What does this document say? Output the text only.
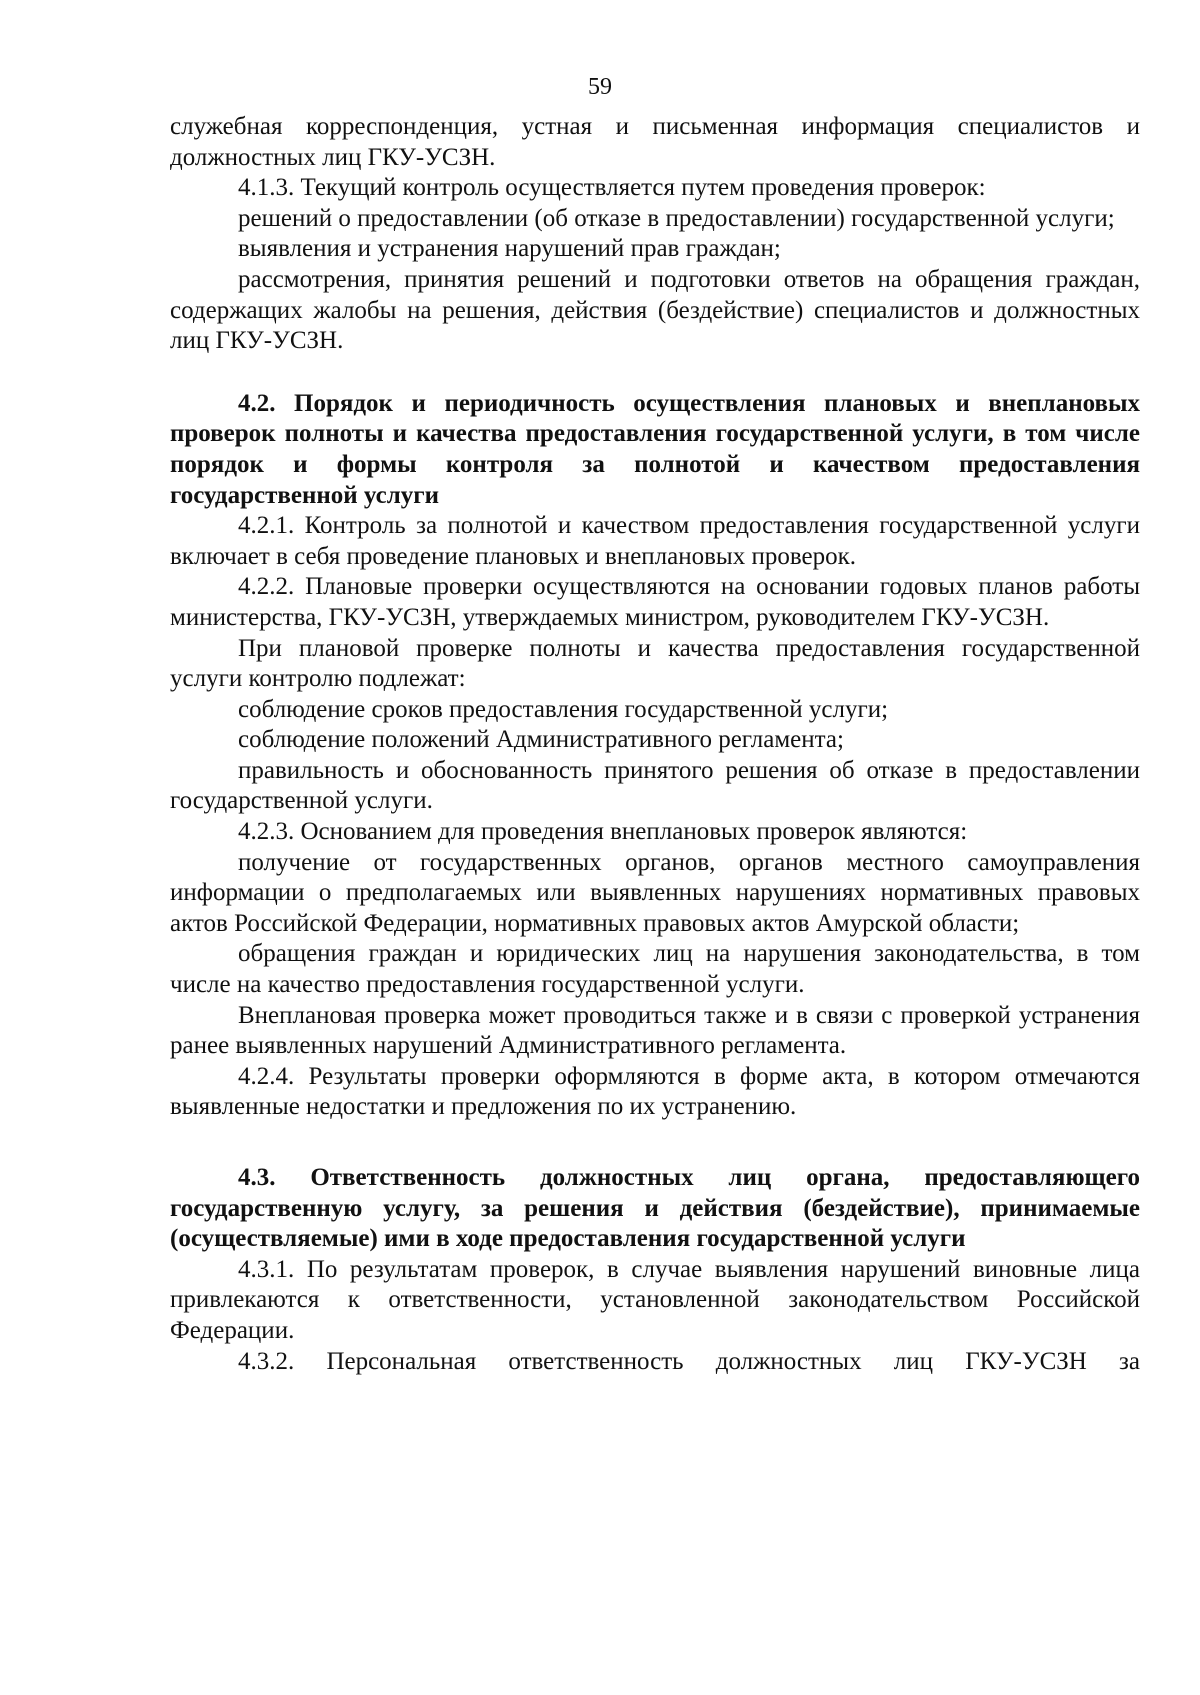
59

служебная корреспонденция, устная и письменная информация специалистов и должностных лиц ГКУ-УСЗН.

4.1.3. Текущий контроль осуществляется путем проведения проверок:

решений о предоставлении (об отказе в предоставлении) государственной услуги;

выявления и устранения нарушений прав граждан;

рассмотрения, принятия решений и подготовки ответов на обращения граждан, содержащих жалобы на решения, действия (бездействие) специалистов и должностных лиц ГКУ-УСЗН.

4.2. Порядок и периодичность осуществления плановых и внеплановых проверок полноты и качества предоставления государственной услуги, в том числе порядок и формы контроля за полнотой и качеством предоставления государственной услуги

4.2.1. Контроль за полнотой и качеством предоставления государственной услуги включает в себя проведение плановых и внеплановых проверок.

4.2.2. Плановые проверки осуществляются на основании годовых планов работы министерства, ГКУ-УСЗН, утверждаемых министром, руководителем ГКУ-УСЗН.

При плановой проверке полноты и качества предоставления государственной услуги контролю подлежат:

соблюдение сроков предоставления государственной услуги;

соблюдение положений Административного регламента;

правильность и обоснованность принятого решения об отказе в предоставлении государственной услуги.

4.2.3. Основанием для проведения внеплановых проверок являются:

получение от государственных органов, органов местного самоуправления информации о предполагаемых или выявленных нарушениях нормативных правовых актов Российской Федерации, нормативных правовых актов Амурской области;

обращения граждан и юридических лиц на нарушения законодательства, в том числе на качество предоставления государственной услуги.

Внеплановая проверка может проводиться также и в связи с проверкой устранения ранее выявленных нарушений Административного регламента.

4.2.4. Результаты проверки оформляются в форме акта, в котором отмечаются выявленные недостатки и предложения по их устранению.

4.3. Ответственность должностных лиц органа, предоставляющего государственную услугу, за решения и действия (бездействие), принимаемые (осуществляемые) ими в ходе предоставления государственной услуги

4.3.1. По результатам проверок, в случае выявления нарушений виновные лица привлекаются к ответственности, установленной законодательством Российской Федерации.

4.3.2. Персональная ответственность должностных лиц ГКУ-УСЗН за
